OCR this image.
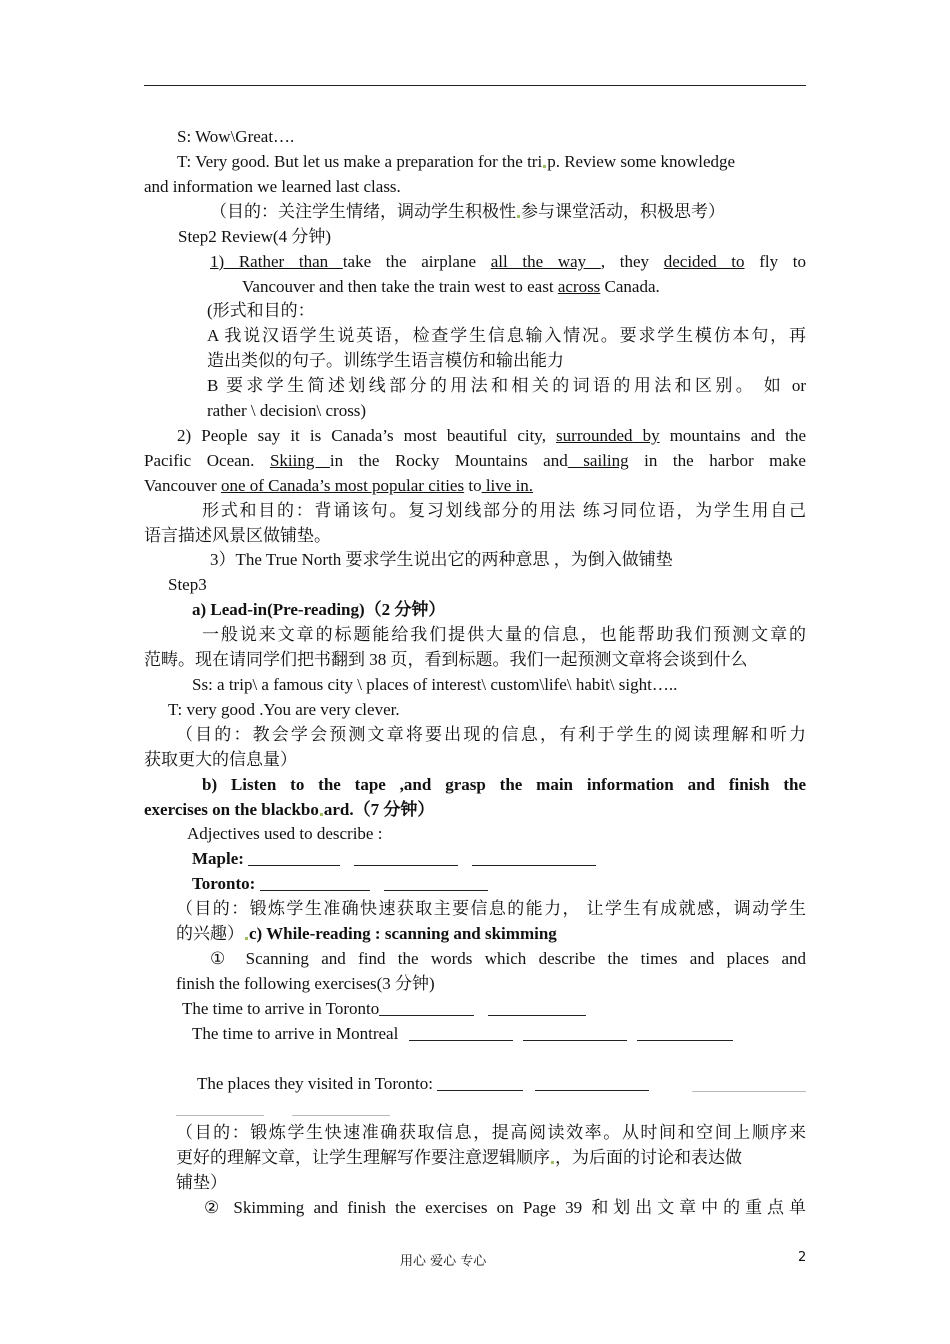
S: Wow\Great….
T: Very good. But let us make a preparation for the tri p. Review some knowledge
and information we learned last class.
（目的：关注学生情绪，调动学生积极性 参与课堂活动，积极思考）
Step2 Review(4 分钟)
1) Rather than take the airplane all the way , they decided to fly to
Vancouver and then take the train west to east across Canada.
(形式和目的：
A 我说汉语学生说英语，检查学生信息输入情况。要求学生模仿本句，再
造出类似的句子。训练学生语言模仿和输出能力
B 要求学生简述划线部分的用法和相关的词语的用法和区别。 如 or
rather \ decision\ cross)
2) People say it is Canada’s most beautiful city, surrounded by mountains and the
Pacific Ocean. Skiing in the Rocky Mountains and sailing in the harbor make
Vancouver one of Canada’s most popular cities to live in.
形式和目的：背诵该句。复习划线部分的用法 练习同位语，为学生用自己
语言描述风景区做铺垫。
3）The True North 要求学生说出它的两种意思 ，为倒入做铺垫
Step3
a) Lead-in(Pre-reading)（2 分钟）
一般说来文章的标题能给我们提供大量的信息，也能帮助我们预测文章的
范畴。现在请同学们把书翻到 38 页，看到标题。我们一起预测文章将会谈到什么
Ss: a trip\ a famous city \ places of interest\ custom\life\ habit\ sight…..
T: very good .You are very clever.
（目的：教会学会预测文章将要出现的信息，有利于学生的阅读理解和听力
获取更大的信息量）
b) Listen to the tape ,and grasp the main information and finish the
exercises on the blackbo ard.（7 分钟）
Adjectives used to describe :
Maple:
Toronto:
（目的：锻炼学生准确快速获取主要信息的能力， 让学生有成就感，调动学生
的兴趣） c) While-reading : scanning and skimming
① Scanning and find the words which describe the times and places and
finish the following exercises(3 分钟)
The time to arrive in Toronto
The time to arrive in Montreal
The places they visited in Toronto:
（目的：锻炼学生快速准确获取信息，提高阅读效率。从时间和空间上顺序来
更好的理解文章，让学生理解写作要注意逻辑顺序 ，为后面的讨论和表达做
铺垫）
② Skimming and finish the exercises on Page 39 和划出文章中的重点单
用心 爱心 专心	2
